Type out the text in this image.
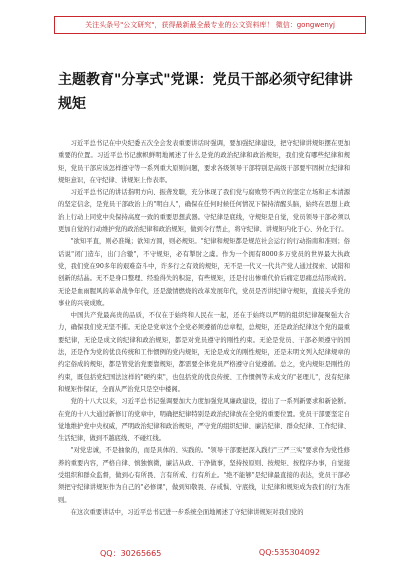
关注头条号"公文研究"，获得最新最全最专业的公文资料库！ 微信：gongwenyj
主题教育"分享式"党课：党员干部必须守纪律讲规矩

习近平总书记在中央纪委五次全会发表重要讲话时强调，要加强纪律建设，把守纪律讲规矩摆在更加重要的位置。习近平总书记旗帜鲜明地阐述了什么是党的政治纪律和政治规矩，我们党有哪些纪律和规矩，党员干部应该怎样遵守等一系列重大原则问题，要求各级领导干部特别是高级干部要牢固树立纪律和规矩意识，在守纪律、讲规矩上作表率。

习近平总书记的讲话指明方向、振聋发聩，充分体现了我们党与腐败势不两立的坚定立场和正本清源的坚定信念，是党员干部政治上的"明白人"，确保在任何时候任何情况下保持清醒头脑，始终在思想上政治上行动上同党中央保持高度一致的重要思想武器。守纪律是底线，守规矩是自觉，党员领导干部必须以更加自觉的行动维护党的政治纪律和政治规矩，做到令行禁止，将守纪律、讲规矩内化于心、外化于行。

"欲知平直，则必准绳；欲知方圆，则必规矩。"纪律和规矩都是规范社会运行的行动指南和准则；俗话说"闭门造车，出门合辙"，不守规矩，必有掣肘之虞。作为一个拥有8000多万党员的世界最大执政党，我们党在90多年的艰难奋斗中，许多行之有效的规矩，无不是一代又一代共产党人通过探索、试错和创新的结晶。无不是身口整理、经验得失的积淀，有些规矩，还是付出惨重代价后痛定思痛总结形成的。无论是血雨腥风的革命战争年代，还是激情燃烧的改革发展年代，党员是否讲纪律守规矩，直接关乎党的事业的兴衰成败。

中国共产党最高贵的品质，不仅在于始终和人民在一起，还在于始终以严明的组织纪律凝聚强大合力，确保我们党无坚不摧。无论是党章这个全党必须遵循的总章程，总规矩，还是政治纪律这个党的最重要纪律，无论是成文的纪律和政治规矩，都是对党员遵守的刚性约束。无论是党员、干部必须遵守的国法，还是作为党的优良传统和工作惯例的党内规矩，无论是成文的刚性规矩，还是未明文列入纪律规章的约定俗成的规矩，都是管党治党要靠规矩，都需要全体党员严格遵守自觉遵循。总之，党内规矩是刚性的约束，既包括党纪国法这样的"硬约束"，也包括党的优良传统、工作惯例等未成文的"老理儿"，没有纪律和规矩作保证，全面从严治党只是空中楼阁。

党的十八大以来，习近平总书记强调要加大力度加强党风廉政建设，提出了一系列新要求和新论断。在党的十八大通过新修订的党章中，明确把纪律特别是政治纪律放在全党的重要位置。党员干部要坚定自觉地维护党中央权威，严明政治纪律和政治规矩，严守党的组织纪律、廉洁纪律、群众纪律、工作纪律、生活纪律，做到不越底线、不碰红线。

"对党忠诚，不是抽象的，而是具体的、实践的。"领导干部要把深入践行"三严三实"要求作为党性修养的重要内容，严格自律、慎独慎微，廉洁从政、干净做事，坚持按原则、按规矩、按程序办事，自觉接受组织和群众监督，做到心有所畏、言有所戒、行有所止。"绝不能够"是纪律最直接的表达，党员干部必须把守纪律讲规矩作为自己的"必修课"，做到知敬畏、存戒惧、守底线，让纪律和规矩成为我们的行为准则。

在这次重要讲话中，习近平总书记进一步系统全面地阐述了守纪律讲规矩对我们党的

QQ：30265665	QQ:535304092
